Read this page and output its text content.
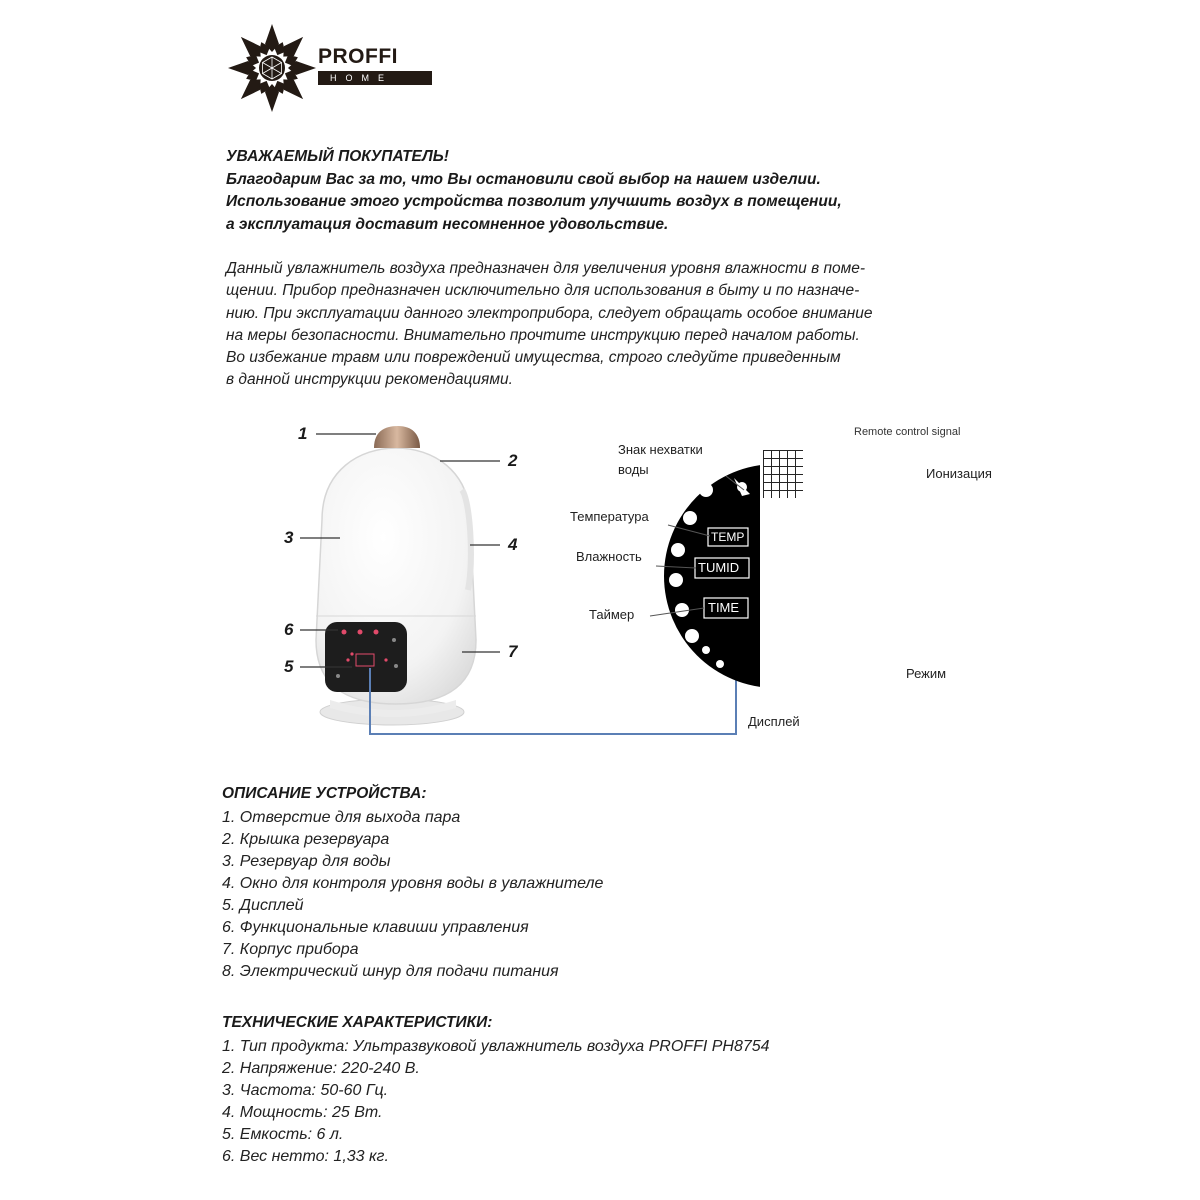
PROFFI
HOME
УВАЖАЕМЫЙ ПОКУПАТЕЛЬ!
Благодарим Вас за то, что Вы остановили свой выбор на нашем изделии.
Использование этого устройства позволит улучшить воздух в помещении,
а эксплуатация доставит несомненное удовольствие.
Данный увлажнитель воздуха предназначен для увеличения уровня влажности в поме-
щении. Прибор предназначен исключительно для использования в быту и по назначе-
нию. При эксплуатации данного электроприбора, следует обращать особое внимание
на меры безопасности. Внимательно прочтите инструкцию перед началом работы.
Во избежание травм или повреждений имущества, строго следуйте приведенным
в данной инструкции рекомендациями.
85
3
TEMP
TUMID
TIME 1 2 4 8
°C
%RH
1
2
3	4
6
5
7
Remote control signal
Знак нехватки
воды	Ионизация
Температура
Влажность
Таймер
Режим
Дисплей
ОПИСАНИЕ УСТРОЙСТВА:
1. Отверстие для выхода пара
2. Крышка резервуара
3. Резервуар для воды
4. Окно для контроля уровня воды в увлажнителе
5. Дисплей
6. Функциональные клавиши управления
7. Корпус прибора
8. Электрический шнур для подачи питания
ТЕХНИЧЕСКИЕ ХАРАКТЕРИСТИКИ:
1. Тип продукта: Ультразвуковой увлажнитель воздуха PROFFI PH8754
2. Напряжение: 220-240 В.
3. Частота: 50-60 Гц.
4. Мощность: 25 Вт.
5. Емкость: 6 л.
6. Вес нетто: 1,33 кг.
